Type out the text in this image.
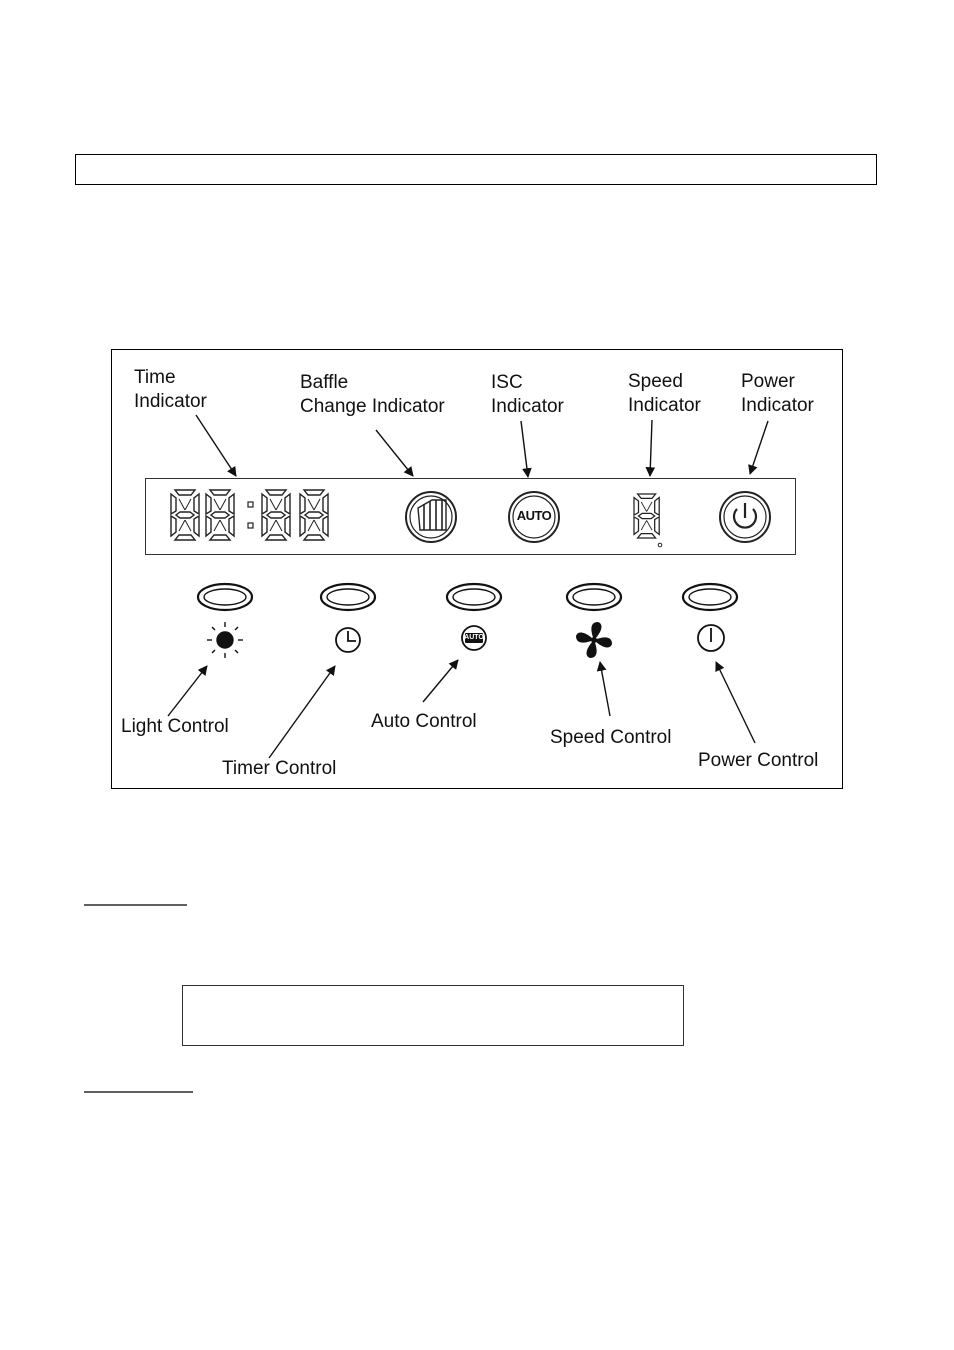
Time
Indicator
Baffle
Change Indicator
ISC
Indicator
Speed
Indicator
Power
Indicator
Light Control
Timer Control
Auto Control
Speed Control
Power Control
AUTO
AUTO
